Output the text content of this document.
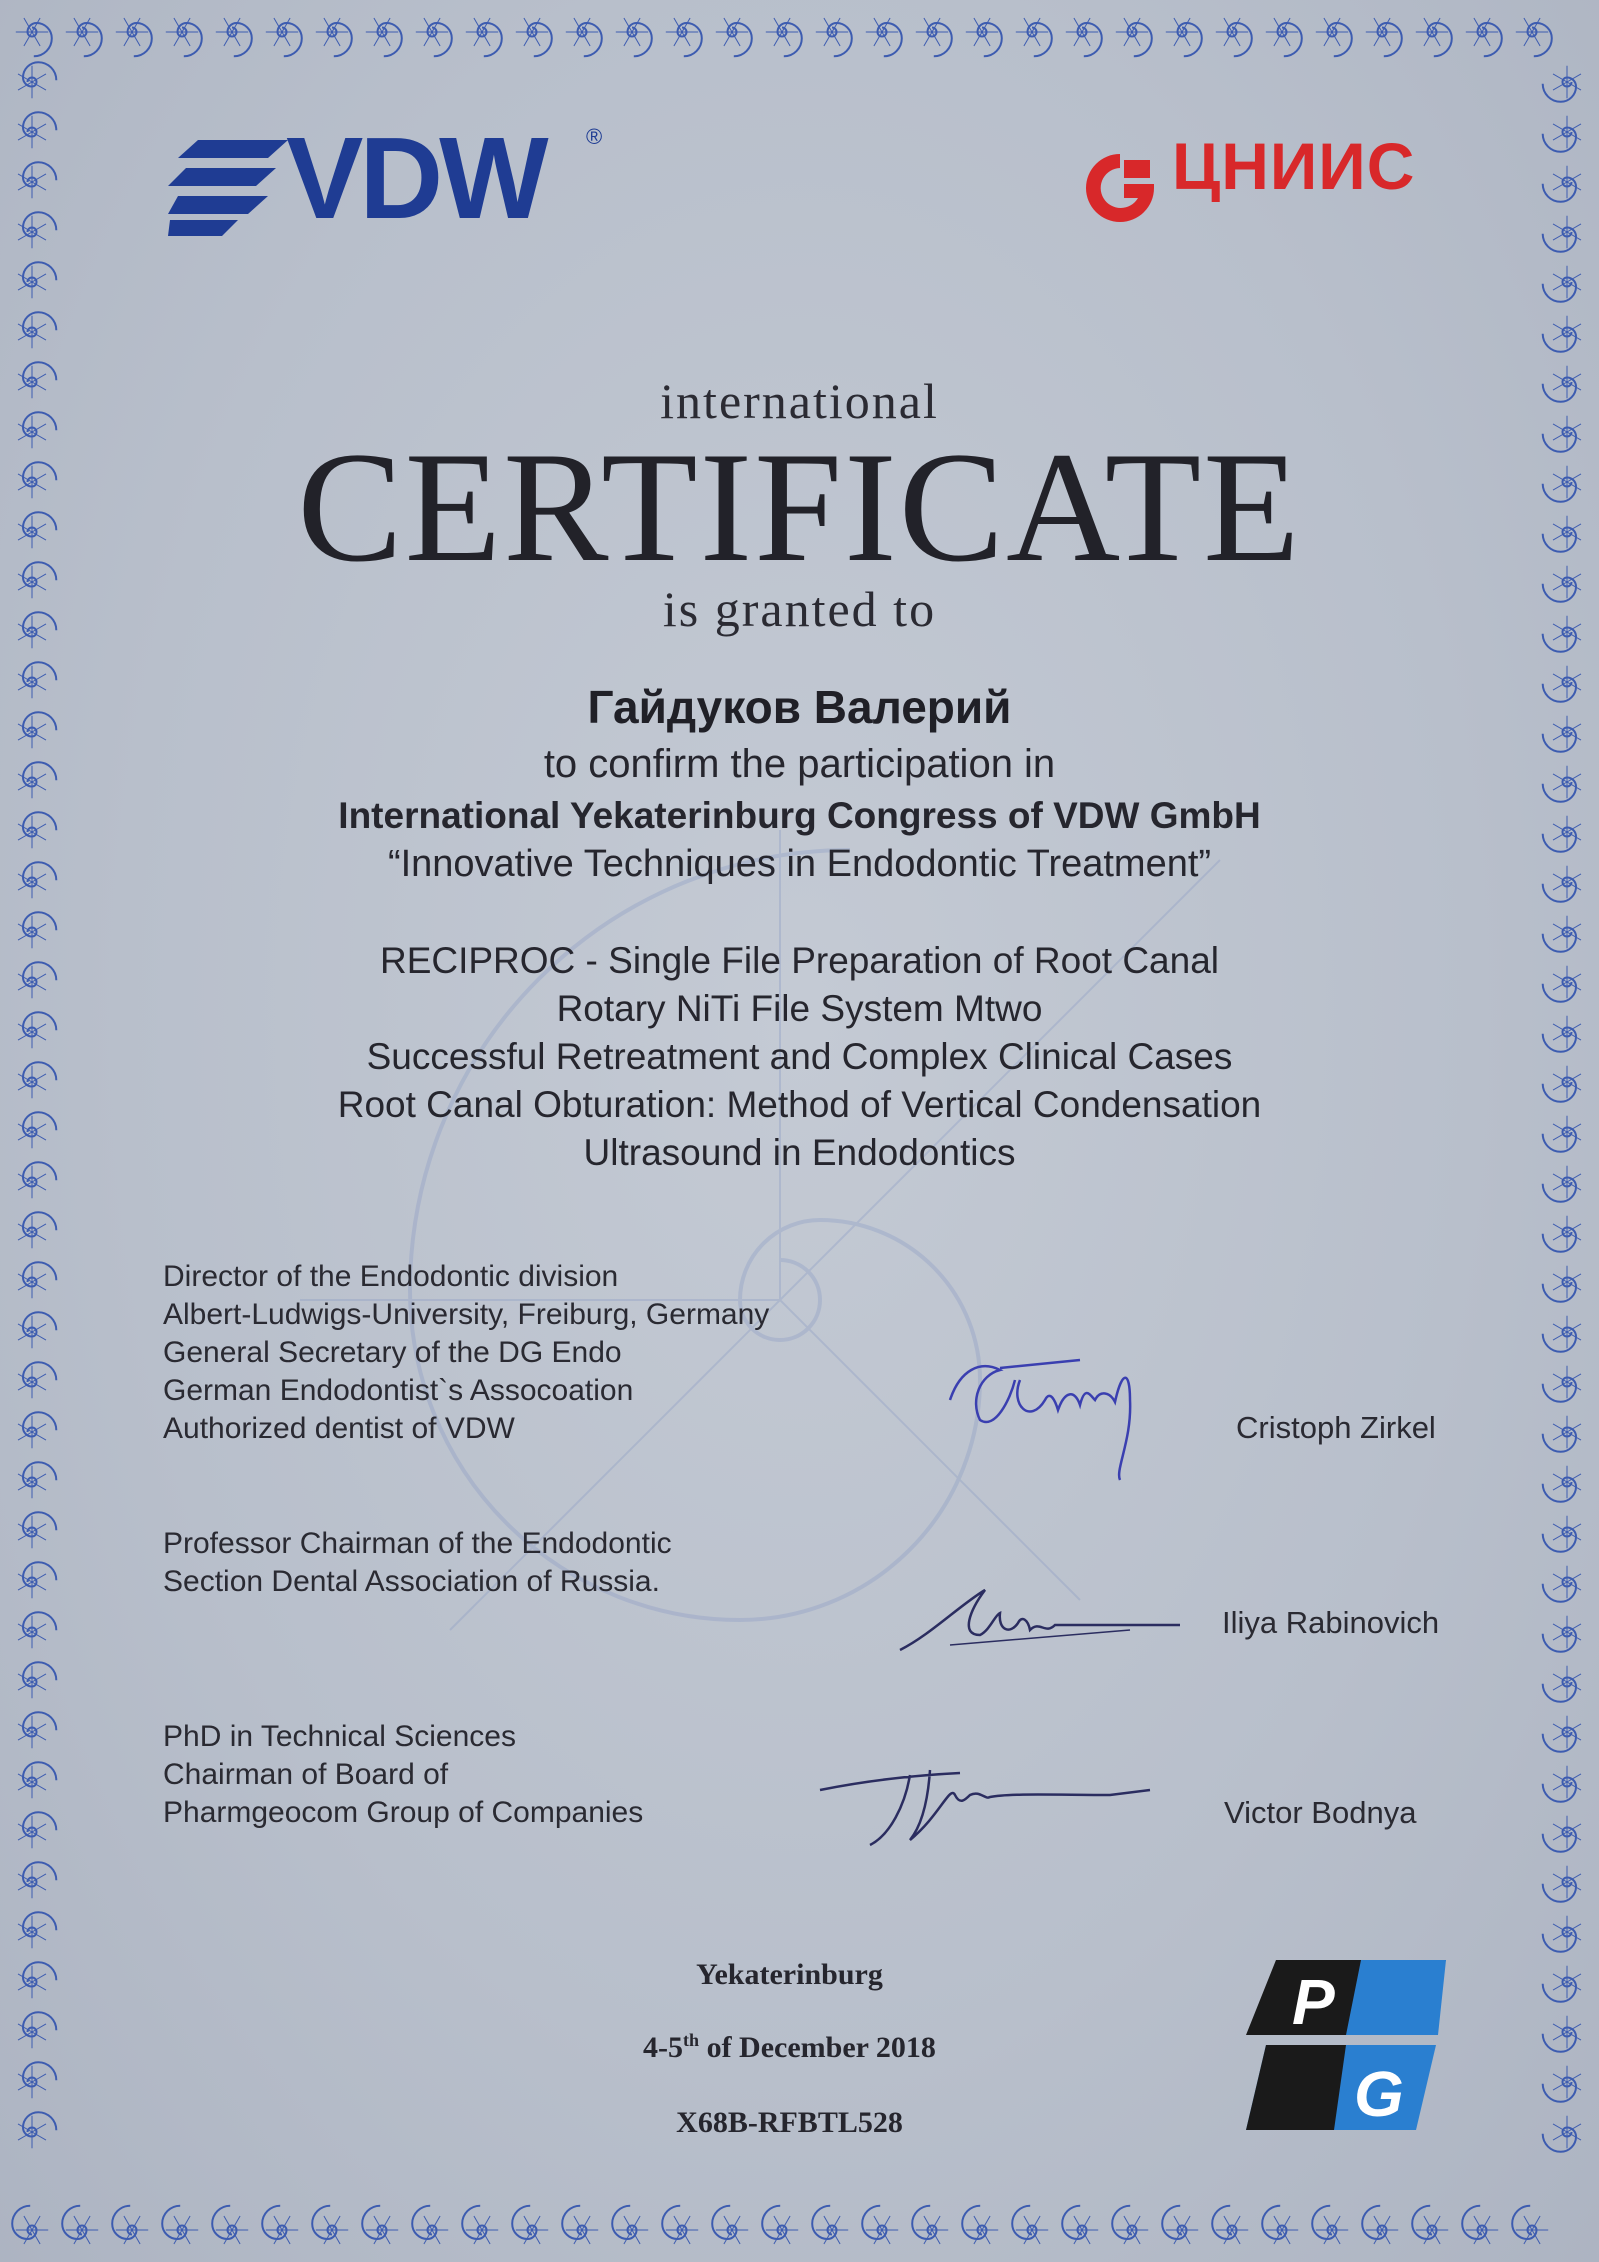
VDW ®	ЦНИИС
international
CERTIFICATE
is granted to
Гайдуков Валерий
to confirm the participation in
International Yekaterinburg Congress of VDW GmbH
“Innovative Techniques in Endodontic Treatment”
RECIPROC - Single File Preparation of Root Canal
Rotary NiTi File System Mtwo
Successful Retreatment and Complex Clinical Cases
Root Canal Obturation: Method of Vertical Condensation
Ultrasound in Endodontics
Director of the Endodontic division
Albert-Ludwigs-University, Freiburg, Germany
General Secretary of the DG Endo
German Endodontist`s Assocoation
Authorized dentist of VDW
TZirkel	Cristoph Zirkel
Professor Chairman of the Endodontic
Section Dental Association of Russia.
Iliya Rabinovich
PhD in Technical Sciences
Chairman of Board of
Pharmgeocom Group of Companies	Victor Bodnya
Yekaterinburg
4-5th of December 2018
X68B-RFBTL528
P
G
